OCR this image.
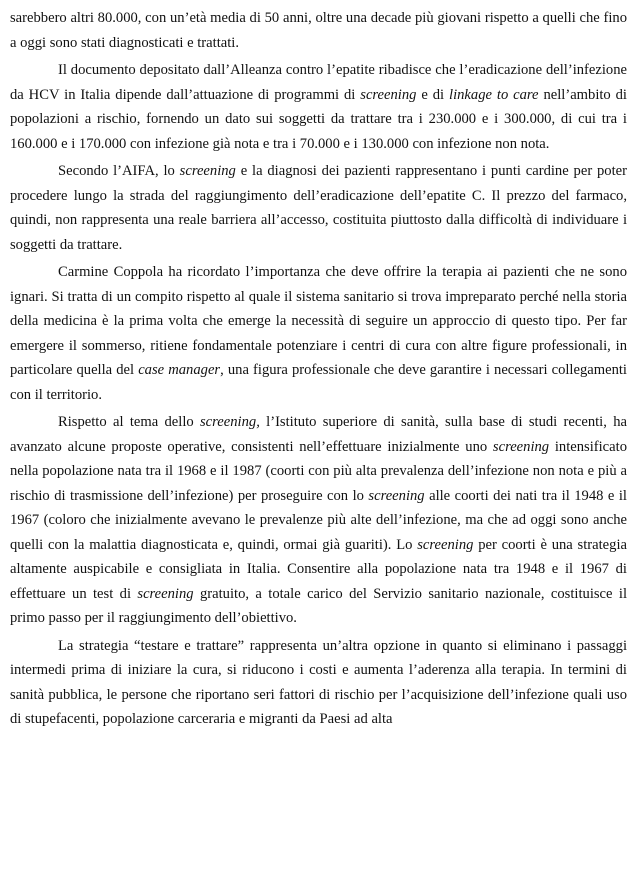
sarebbero altri 80.000, con un’età media di 50 anni, oltre una decade più giovani rispetto a quelli che fino a oggi sono stati diagnosticati e trattati.

Il documento depositato dall’Alleanza contro l’epatite ribadisce che l’eradicazione dell’infezione da HCV in Italia dipende dall’attuazione di programmi di screening e di linkage to care nell’ambito di popolazioni a rischio, fornendo un dato sui soggetti da trattare tra i 230.000 e i 300.000, di cui tra i 160.000 e i 170.000 con infezione già nota e tra i 70.000 e i 130.000 con infezione non nota.

Secondo l’AIFA, lo screening e la diagnosi dei pazienti rappresentano i punti cardine per poter procedere lungo la strada del raggiungimento dell’eradicazione dell’epatite C. Il prezzo del farmaco, quindi, non rappresenta una reale barriera all’accesso, costituita piuttosto dalla difficoltà di individuare i soggetti da trattare.

Carmine Coppola ha ricordato l’importanza che deve offrire la terapia ai pazienti che ne sono ignari. Si tratta di un compito rispetto al quale il sistema sanitario si trova impreparato perché nella storia della medicina è la prima volta che emerge la necessità di seguire un approccio di questo tipo. Per far emergere il sommerso, ritiene fondamentale potenziare i centri di cura con altre figure professionali, in particolare quella del case manager, una figura professionale che deve garantire i necessari collegamenti con il territorio.

Rispetto al tema dello screening, l’Istituto superiore di sanità, sulla base di studi recenti, ha avanzato alcune proposte operative, consistenti nell’effettuare inizialmente uno screening intensificato nella popolazione nata tra il 1968 e il 1987 (coorti con più alta prevalenza dell’infezione non nota e più a rischio di trasmissione dell’infezione) per proseguire con lo screening alle coorti dei nati tra il 1948 e il 1967 (coloro che inizialmente avevano le prevalenze più alte dell’infezione, ma che ad oggi sono anche quelli con la malattia diagnosticata e, quindi, ormai già guariti). Lo screening per coorti è una strategia altamente auspicabile e consigliata in Italia. Consentire alla popolazione nata tra 1948 e il 1967 di effettuare un test di screening gratuito, a totale carico del Servizio sanitario nazionale, costituisce il primo passo per il raggiungimento dell’obiettivo.

La strategia “testare e trattare” rappresenta un’altra opzione in quanto si eliminano i passaggi intermedi prima di iniziare la cura, si riducono i costi e aumenta l’aderenza alla terapia. In termini di sanità pubblica, le persone che riportano seri fattori di rischio per l’acquisizione dell’infezione quali uso di stupefacenti, popolazione carceraria e migranti da Paesi ad alta
